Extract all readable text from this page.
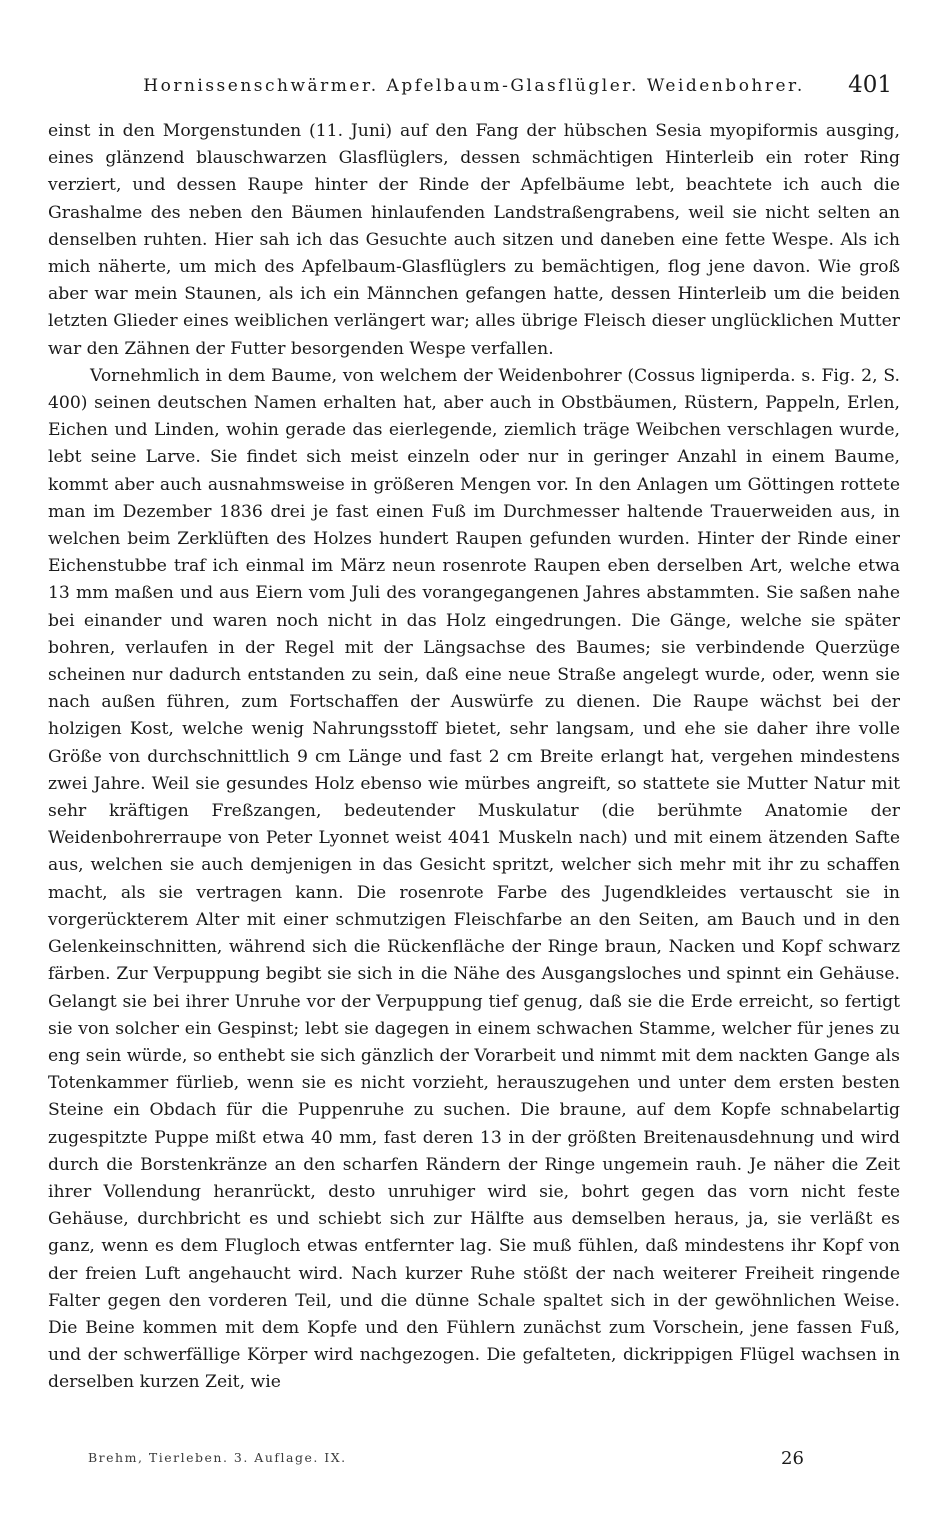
Hornissenschwärmer. Apfelbaum-Glasflügler. Weidenbohrer.	401

einst in den Morgenstunden (11. Juni) auf den Fang der hübschen Sesia myopiformis ausging, eines glänzend blauschwarzen Glasflüglers, dessen schmächtigen Hinterleib ein roter Ring verziert, und dessen Raupe hinter der Rinde der Apfelbäume lebt, beachtete ich auch die Grashalme des neben den Bäumen hinlaufenden Landstraßengrabens, weil sie nicht selten an denselben ruhten. Hier sah ich das Gesuchte auch sitzen und daneben eine fette Wespe. Als ich mich näherte, um mich des Apfelbaum-Glasflüglers zu bemächtigen, flog jene davon. Wie groß aber war mein Staunen, als ich ein Männchen gefangen hatte, dessen Hinterleib um die beiden letzten Glieder eines weiblichen verlängert war; alles übrige Fleisch dieser unglücklichen Mutter war den Zähnen der Futter besorgenden Wespe verfallen.

Vornehmlich in dem Baume, von welchem der Weidenbohrer (Cossus ligniperda. s. Fig. 2, S. 400) seinen deutschen Namen erhalten hat, aber auch in Obstbäumen, Rüstern, Pappeln, Erlen, Eichen und Linden, wohin gerade das eierlegende, ziemlich träge Weibchen verschlagen wurde, lebt seine Larve. Sie findet sich meist einzeln oder nur in geringer Anzahl in einem Baume, kommt aber auch ausnahmsweise in größeren Mengen vor. In den Anlagen um Göttingen rottete man im Dezember 1836 drei je fast einen Fuß im Durchmesser haltende Trauerweiden aus, in welchen beim Zerklüften des Holzes hundert Raupen gefunden wurden. Hinter der Rinde einer Eichenstubbe traf ich einmal im März neun rosenrote Raupen eben derselben Art, welche etwa 13 mm maßen und aus Eiern vom Juli des vorangegangenen Jahres abstammten. Sie saßen nahe bei einander und waren noch nicht in das Holz eingedrungen. Die Gänge, welche sie später bohren, verlaufen in der Regel mit der Längsachse des Baumes; sie verbindende Querzüge scheinen nur dadurch entstanden zu sein, daß eine neue Straße angelegt wurde, oder, wenn sie nach außen führen, zum Fortschaffen der Auswürfe zu dienen. Die Raupe wächst bei der holzigen Kost, welche wenig Nahrungsstoff bietet, sehr langsam, und ehe sie daher ihre volle Größe von durchschnittlich 9 cm Länge und fast 2 cm Breite erlangt hat, vergehen mindestens zwei Jahre. Weil sie gesundes Holz ebenso wie mürbes angreift, so stattete sie Mutter Natur mit sehr kräftigen Freßzangen, bedeutender Muskulatur (die berühmte Anatomie der Weidenbohrerraupe von Peter Lyonnet weist 4041 Muskeln nach) und mit einem ätzenden Safte aus, welchen sie auch demjenigen in das Gesicht spritzt, welcher sich mehr mit ihr zu schaffen macht, als sie vertragen kann. Die rosenrote Farbe des Jugendkleides vertauscht sie in vorgerückterem Alter mit einer schmutzigen Fleischfarbe an den Seiten, am Bauch und in den Gelenkeinschnitten, während sich die Rückenfläche der Ringe braun, Nacken und Kopf schwarz färben. Zur Verpuppung begibt sie sich in die Nähe des Ausgangsloches und spinnt ein Gehäuse. Gelangt sie bei ihrer Unruhe vor der Verpuppung tief genug, daß sie die Erde erreicht, so fertigt sie von solcher ein Gespinst; lebt sie dagegen in einem schwachen Stamme, welcher für jenes zu eng sein würde, so enthebt sie sich gänzlich der Vorarbeit und nimmt mit dem nackten Gange als Totenkammer fürlieb, wenn sie es nicht vorzieht, herauszugehen und unter dem ersten besten Steine ein Obdach für die Puppenruhe zu suchen. Die braune, auf dem Kopfe schnabelartig zugespitzte Puppe mißt etwa 40 mm, fast deren 13 in der größten Breitenausdehnung und wird durch die Borstenkränze an den scharfen Rändern der Ringe ungemein rauh. Je näher die Zeit ihrer Vollendung heranrückt, desto unruhiger wird sie, bohrt gegen das vorn nicht feste Gehäuse, durchbricht es und schiebt sich zur Hälfte aus demselben heraus, ja, sie verläßt es ganz, wenn es dem Flugloch etwas entfernter lag. Sie muß fühlen, daß mindestens ihr Kopf von der freien Luft angehaucht wird. Nach kurzer Ruhe stößt der nach weiterer Freiheit ringende Falter gegen den vorderen Teil, und die dünne Schale spaltet sich in der gewöhnlichen Weise. Die Beine kommen mit dem Kopfe und den Fühlern zunächst zum Vorschein, jene fassen Fuß, und der schwerfällige Körper wird nachgezogen. Die gefalteten, dickrippigen Flügel wachsen in derselben kurzen Zeit, wie

Brehm, Tierleben. 3. Auflage. IX.	26
